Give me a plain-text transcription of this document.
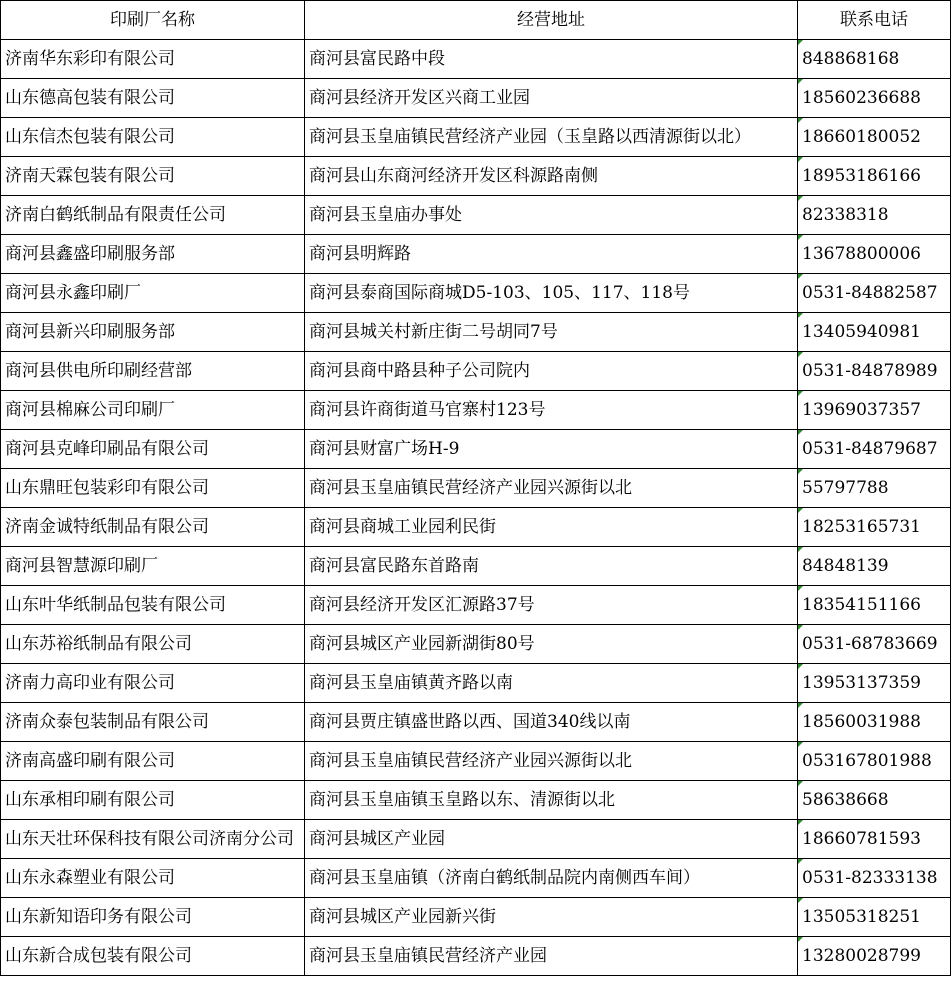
印刷厂名称	经营地址	联系电话
济南华东彩印有限公司	商河县富民路中段	848868168
山东德高包装有限公司	商河县经济开发区兴商工业园	18560236688
山东信杰包装有限公司	商河县玉皇庙镇民营经济产业园（玉皇路以西清源街以北）	18660180052
济南天霖包装有限公司	商河县山东商河经济开发区科源路南侧	18953186166
济南白鹤纸制品有限责任公司	商河县玉皇庙办事处	82338318
商河县鑫盛印刷服务部	商河县明辉路	13678800006
商河县永鑫印刷厂	商河县泰商国际商城D5-103、105、117、118号	0531-84882587
商河县新兴印刷服务部	商河县城关村新庄街二号胡同7号	13405940981
商河县供电所印刷经营部	商河县商中路县种子公司院内	0531-84878989
商河县棉麻公司印刷厂	商河县许商街道马官寨村123号	13969037357
商河县克峰印刷品有限公司	商河县财富广场H-9	0531-84879687
山东鼎旺包装彩印有限公司	商河县玉皇庙镇民营经济产业园兴源街以北	55797788
济南金诚特纸制品有限公司	商河县商城工业园利民街	18253165731
商河县智慧源印刷厂	商河县富民路东首路南	84848139
山东叶华纸制品包装有限公司	商河县经济开发区汇源路37号	18354151166
山东苏裕纸制品有限公司	商河县城区产业园新湖街80号	0531-68783669
济南力高印业有限公司	商河县玉皇庙镇黄齐路以南	13953137359
济南众泰包装制品有限公司	商河县贾庄镇盛世路以西、国道340线以南	18560031988
济南高盛印刷有限公司	商河县玉皇庙镇民营经济产业园兴源街以北	053167801988
山东承相印刷有限公司	商河县玉皇庙镇玉皇路以东、清源街以北	58638668

山东天壮环保科技有限公司济南分公司	商河县城区产业园	18660781593
山东永森塑业有限公司	商河县玉皇庙镇（济南白鹤纸制品院内南侧西车间）	0531-82333138
山东新知语印务有限公司	商河县城区产业园新兴街	13505318251
山东新合成包装有限公司	商河县玉皇庙镇民营经济产业园	13280028799
